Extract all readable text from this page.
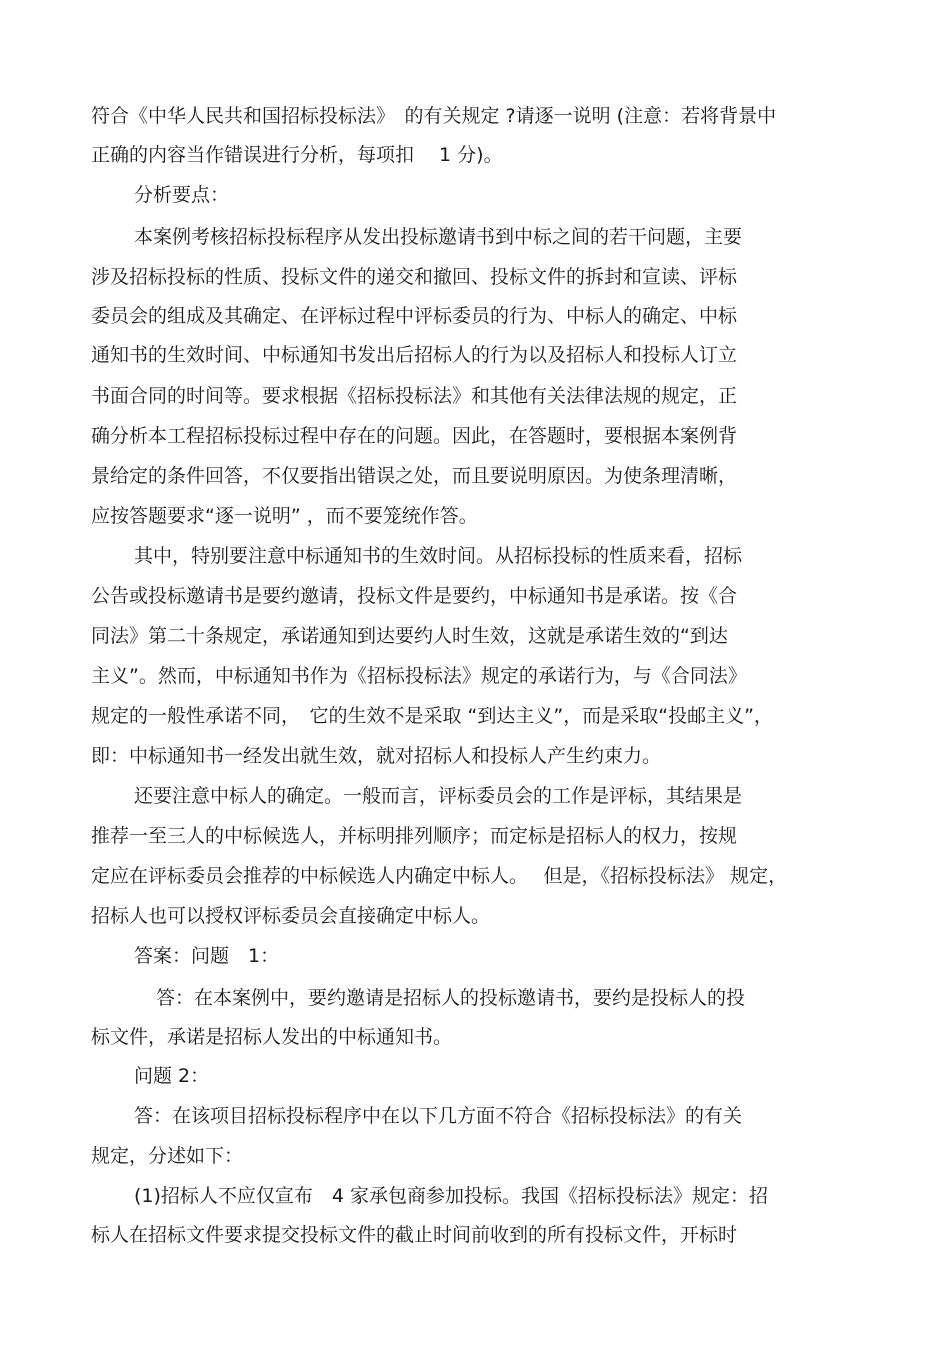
符合《中华人民共和国招标投标法》　的有关规定 ?请逐一说明 (注意：若将背景中
正确的内容当作错误进行分析，每项扣　 1 分)。
分析要点：
本案例考核招标投标程序从发出投标邀请书到中标之间的若干问题，主要
涉及招标投标的性质、投标文件的递交和撤回、投标文件的拆封和宣读、评标
委员会的组成及其确定、在评标过程中评标委员的行为、中标人的确定、中标
通知书的生效时间、中标通知书发出后招标人的行为以及招标人和投标人订立
书面合同的时间等。要求根据《招标投标法》和其他有关法律法规的规定，正
确分析本工程招标投标过程中存在的问题。因此，在答题时，要根据本案例背
景给定的条件回答，不仅要指出错误之处，而且要说明原因。为使条理清晰，
应按答题要求“逐一说明” ，而不要笼统作答。
其中，特别要注意中标通知书的生效时间。从招标投标的性质来看，招标
公告或投标邀请书是要约邀请，投标文件是要约，中标通知书是承诺。按《合
同法》第二十条规定，承诺通知到达要约人时生效，这就是承诺生效的“到达
主义”。然而，中标通知书作为《招标投标法》规定的承诺行为，与《合同法》
规定的一般性承诺不同，　它的生效不是采取 “到达主义”，而是采取“投邮主义”，
即：中标通知书一经发出就生效，就对招标人和投标人产生约束力。
还要注意中标人的确定。一般而言，评标委员会的工作是评标，其结果是
推荐一至三人的中标候选人，并标明排列顺序；而定标是招标人的权力，按规
定应在评标委员会推荐的中标候选人内确定中标人。　 但是，《招标投标法》 规定，
招标人也可以授权评标委员会直接确定中标人。
答案：问题　1：
答：在本案例中，要约邀请是招标人的投标邀请书，要约是投标人的投
标文件，承诺是招标人发出的中标通知书。
问题 2：
答：在该项目招标投标程序中在以下几方面不符合《招标投标法》的有关
规定，分述如下：
(1)招标人不应仅宣布　4 家承包商参加投标。我国《招标投标法》规定：招
标人在招标文件要求提交投标文件的截止时间前收到的所有投标文件，开标时
